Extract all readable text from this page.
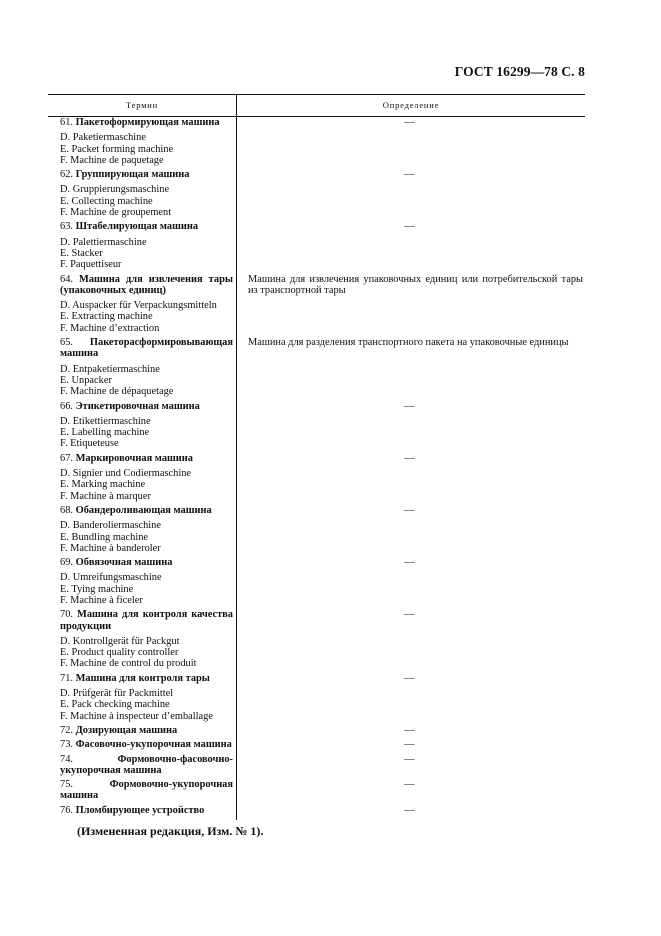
ГОСТ 16299—78 С. 8
Термин	Определение
61. Пакетоформирующая машина
D. Paketiermaschine
E. Packet forming machine
F. Machine de paquetage
—
62. Группирующая машина
D. Gruppierungsmaschine
E. Collecting machine
F. Machine de groupement
—
63. Штабелирующая машина
D. Palettiermaschine
E. Stacker
F. Paquettiseur
—
64. Машина для извлечения тары (упаковочных единиц)
D. Auspacker für Verpackungsmitteln
E. Extracting machine
F. Machine d’extraction
Машина для извлечения упаковочных единиц или потребительской тары из транспортной тары
65. Пакеторасформировывающая машина
D. Entpaketiermaschine
E. Unpacker
F. Machine de dépaquetage
Машина для разделения транспортного пакета на упаковочные единицы
66. Этикетировочная машина
D. Etikettiermaschine
E. Labelling machine
F. Etiqueteuse
—
67. Маркировочная машина
D. Signier und Codiermaschine
E. Marking machine
F. Machine à marquer
—
68. Обандероливающая машина
D. Banderoliermaschine
E. Bundling machine
F. Machine à banderoler
—
69. Обвязочная машина
D. Umreifungsmaschine
E. Tying machine
F. Machine à ficeler
—
70. Машина для контроля качества продукции
D. Kontrollgerät für Packgut
E. Product quality controller
F. Machine de control du produit
—
71. Машина для контроля тары
D. Prüfgerät für Packmittel
E. Pack checking machine
F. Machine à inspecteur d’emballage
—
72. Дозирующая машина	—
73. Фасовочно-укупорочная машина	—
74.	Формовочно-фасовочно-укупорочная машина
—
75.	Формовочно-укупорочная машина
—
76. Пломбирующее устройство	—
(Измененная редакция, Изм. № 1).
